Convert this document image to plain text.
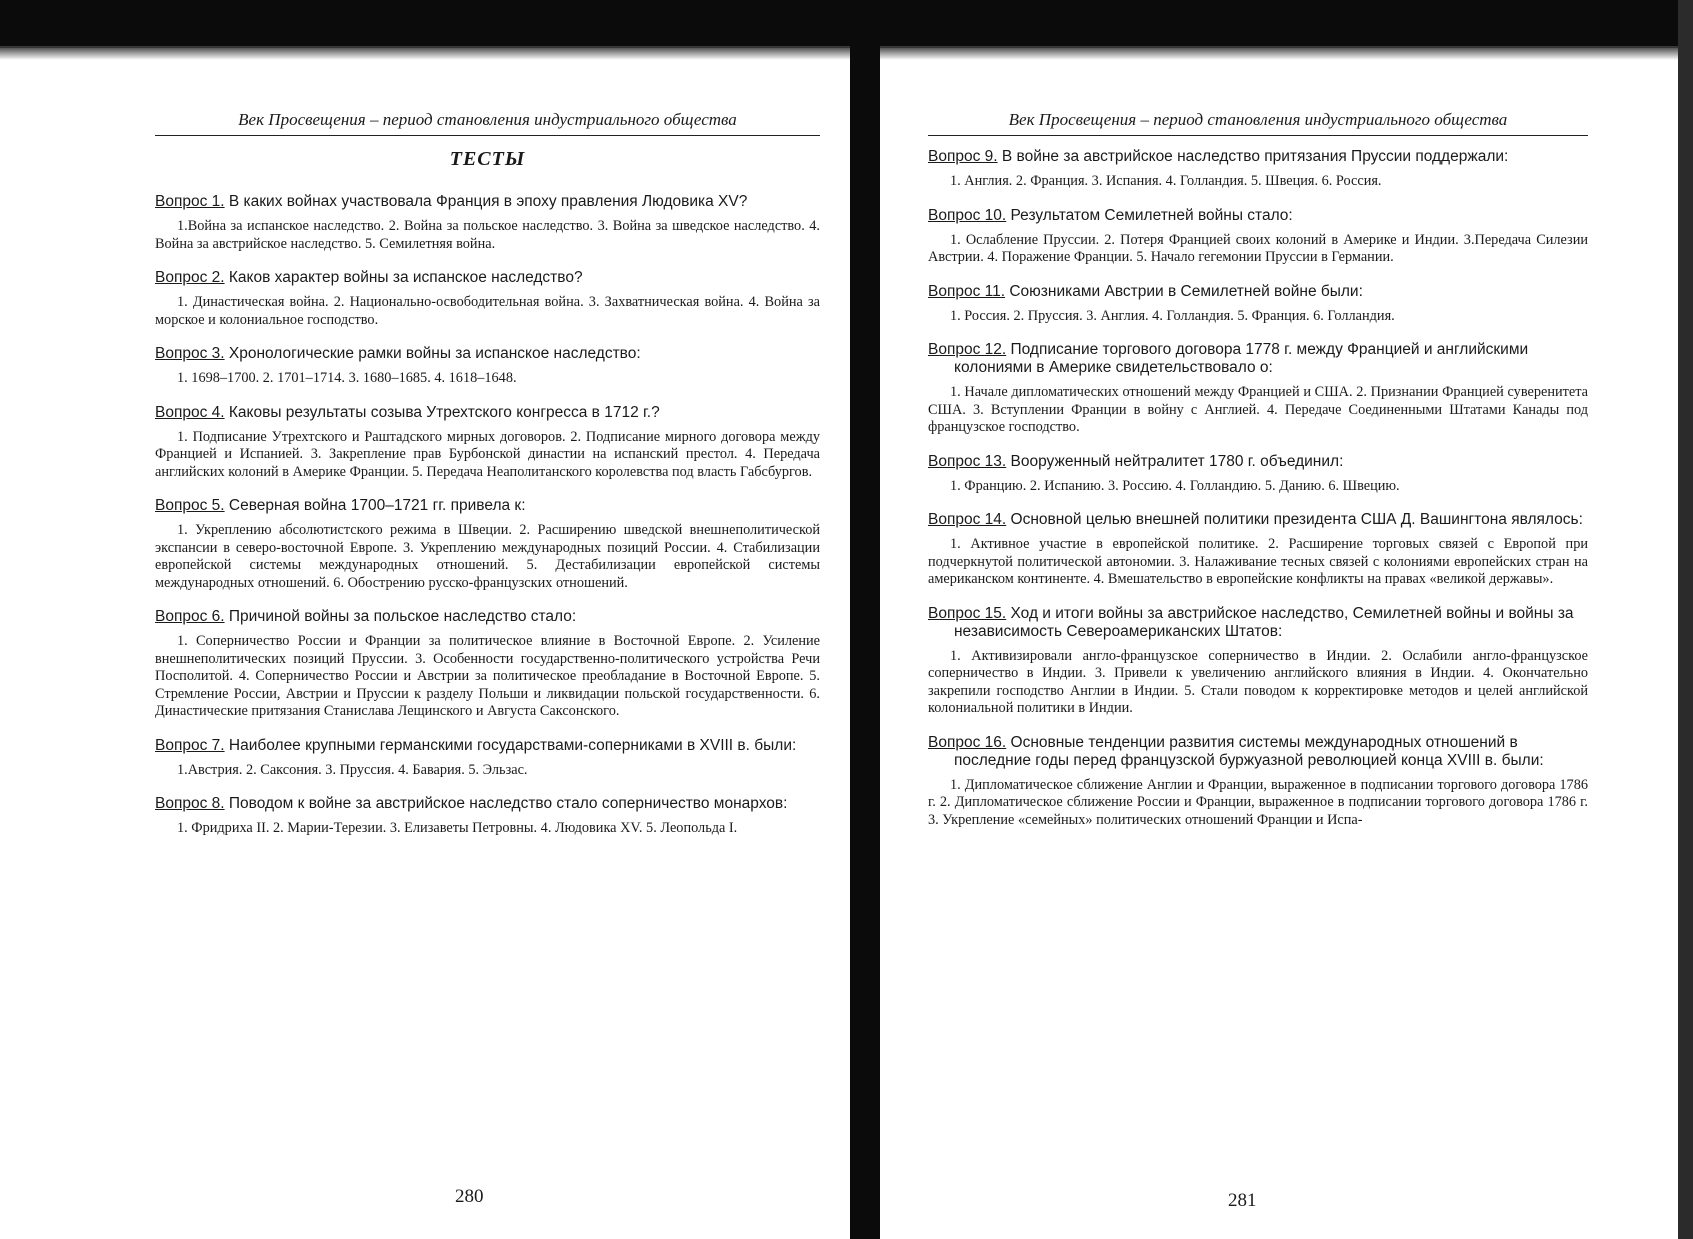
Век Просвещения – период становления индустриального общества
ТЕСТЫ
Вопрос 1. В каких войнах участвовала Франция в эпоху правления Людовика XV?
1.Война за испанское наследство. 2. Война за польское наследство. 3. Война за шведское наследство. 4. Война за австрийское наследство. 5. Семилетняя война.
Вопрос 2. Каков характер войны за испанское наследство?
1. Династическая война. 2. Национально-освободительная война. 3. Захватническая война. 4. Война за морское и колониальное господство.
Вопрос 3. Хронологические рамки войны за испанское наследство:
1. 1698–1700. 2. 1701–1714. 3. 1680–1685. 4. 1618–1648.
Вопрос 4. Каковы результаты созыва Утрехтского конгресса в 1712 г.?
1. Подписание Утрехтского и Раштадского мирных договоров. 2. Подписание мирного договора между Францией и Испанией. 3. Закрепление прав Бурбонской династии на испанский престол. 4. Передача английских колоний в Америке Франции. 5. Передача Неаполитанского королевства под власть Габсбургов.
Вопрос 5. Северная война 1700–1721 гг. привела к:
1. Укреплению абсолютистского режима в Швеции. 2. Расширению шведской внешнеполитической экспансии в северо-восточной Европе. 3. Укреплению международных позиций России. 4. Стабилизации европейской системы международных отношений. 5. Дестабилизации европейской системы международных отношений. 6. Обострению русско-французских отношений.
Вопрос 6. Причиной войны за польское наследство стало:
1. Соперничество России и Франции за политическое влияние в Восточной Европе. 2. Усиление внешнеполитических позиций Пруссии. 3. Особенности государственно-политического устройства Речи Посполитой. 4. Соперничество России и Австрии за политическое преобладание в Восточной Европе. 5. Стремление России, Австрии и Пруссии к разделу Польши и ликвидации польской государственности. 6. Династические притязания Станислава Лещинского и Августа Саксонского.
Вопрос 7. Наиболее крупными германскими государствами-соперниками в XVIII в. были:
1.Австрия. 2. Саксония. 3. Пруссия. 4. Бавария. 5. Эльзас.
Вопрос 8. Поводом к войне за австрийское наследство стало соперничество монархов:
1. Фридриха II. 2. Марии-Терезии. 3. Елизаветы Петровны. 4. Людовика XV. 5. Леопольда I.
Век Просвещения – период становления индустриального общества
Вопрос 9. В войне за австрийское наследство притязания Пруссии поддержали:
1. Англия. 2. Франция. 3. Испания. 4. Голландия. 5. Швеция. 6. Россия.
Вопрос 10. Результатом Семилетней войны стало:
1. Ослабление Пруссии. 2. Потеря Францией своих колоний в Америке и Индии. 3.Передача Силезии Австрии. 4. Поражение Франции. 5. Начало гегемонии Пруссии в Германии.
Вопрос 11. Союзниками Австрии в Семилетней войне были:
1. Россия. 2. Пруссия. 3. Англия. 4. Голландия. 5. Франция. 6. Голландия.
Вопрос 12. Подписание торгового договора 1778 г. между Францией и английскими колониями в Америке свидетельствовало о:
1. Начале дипломатических отношений между Францией и США. 2. Признании Францией суверенитета США. 3. Вступлении Франции в войну с Англией. 4. Передаче Соединенными Штатами Канады под французское господство.
Вопрос 13. Вооруженный нейтралитет 1780 г. объединил:
1. Францию. 2. Испанию. 3. Россию. 4. Голландию. 5. Данию. 6. Швецию.
Вопрос 14. Основной целью внешней политики президента США Д. Вашингтона являлось:
1. Активное участие в европейской политике. 2. Расширение торговых связей с Европой при подчеркнутой политической автономии. 3. Налаживание тесных связей с колониями европейских стран на американском континенте. 4. Вмешательство в европейские конфликты на правах «великой державы».
Вопрос 15. Ход и итоги войны за австрийское наследство, Семилетней войны и войны за независимость Североамериканских Штатов:
1. Активизировали англо-французское соперничество в Индии. 2. Ослабили англо-французское соперничество в Индии. 3. Привели к увеличению английского влияния в Индии. 4. Окончательно закрепили господство Англии в Индии. 5. Стали поводом к корректировке методов и целей английской колониальной политики в Индии.
Вопрос 16. Основные тенденции развития системы международных отношений в последние годы перед французской буржуазной революцией конца XVIII в. были:
1. Дипломатическое сближение Англии и Франции, выраженное в подписании торгового договора 1786 г. 2. Дипломатическое сближение России и Франции, выраженное в подписании торгового договора 1786 г. 3. Укрепление «семейных» политических отношений Франции и Испа-
280	281
